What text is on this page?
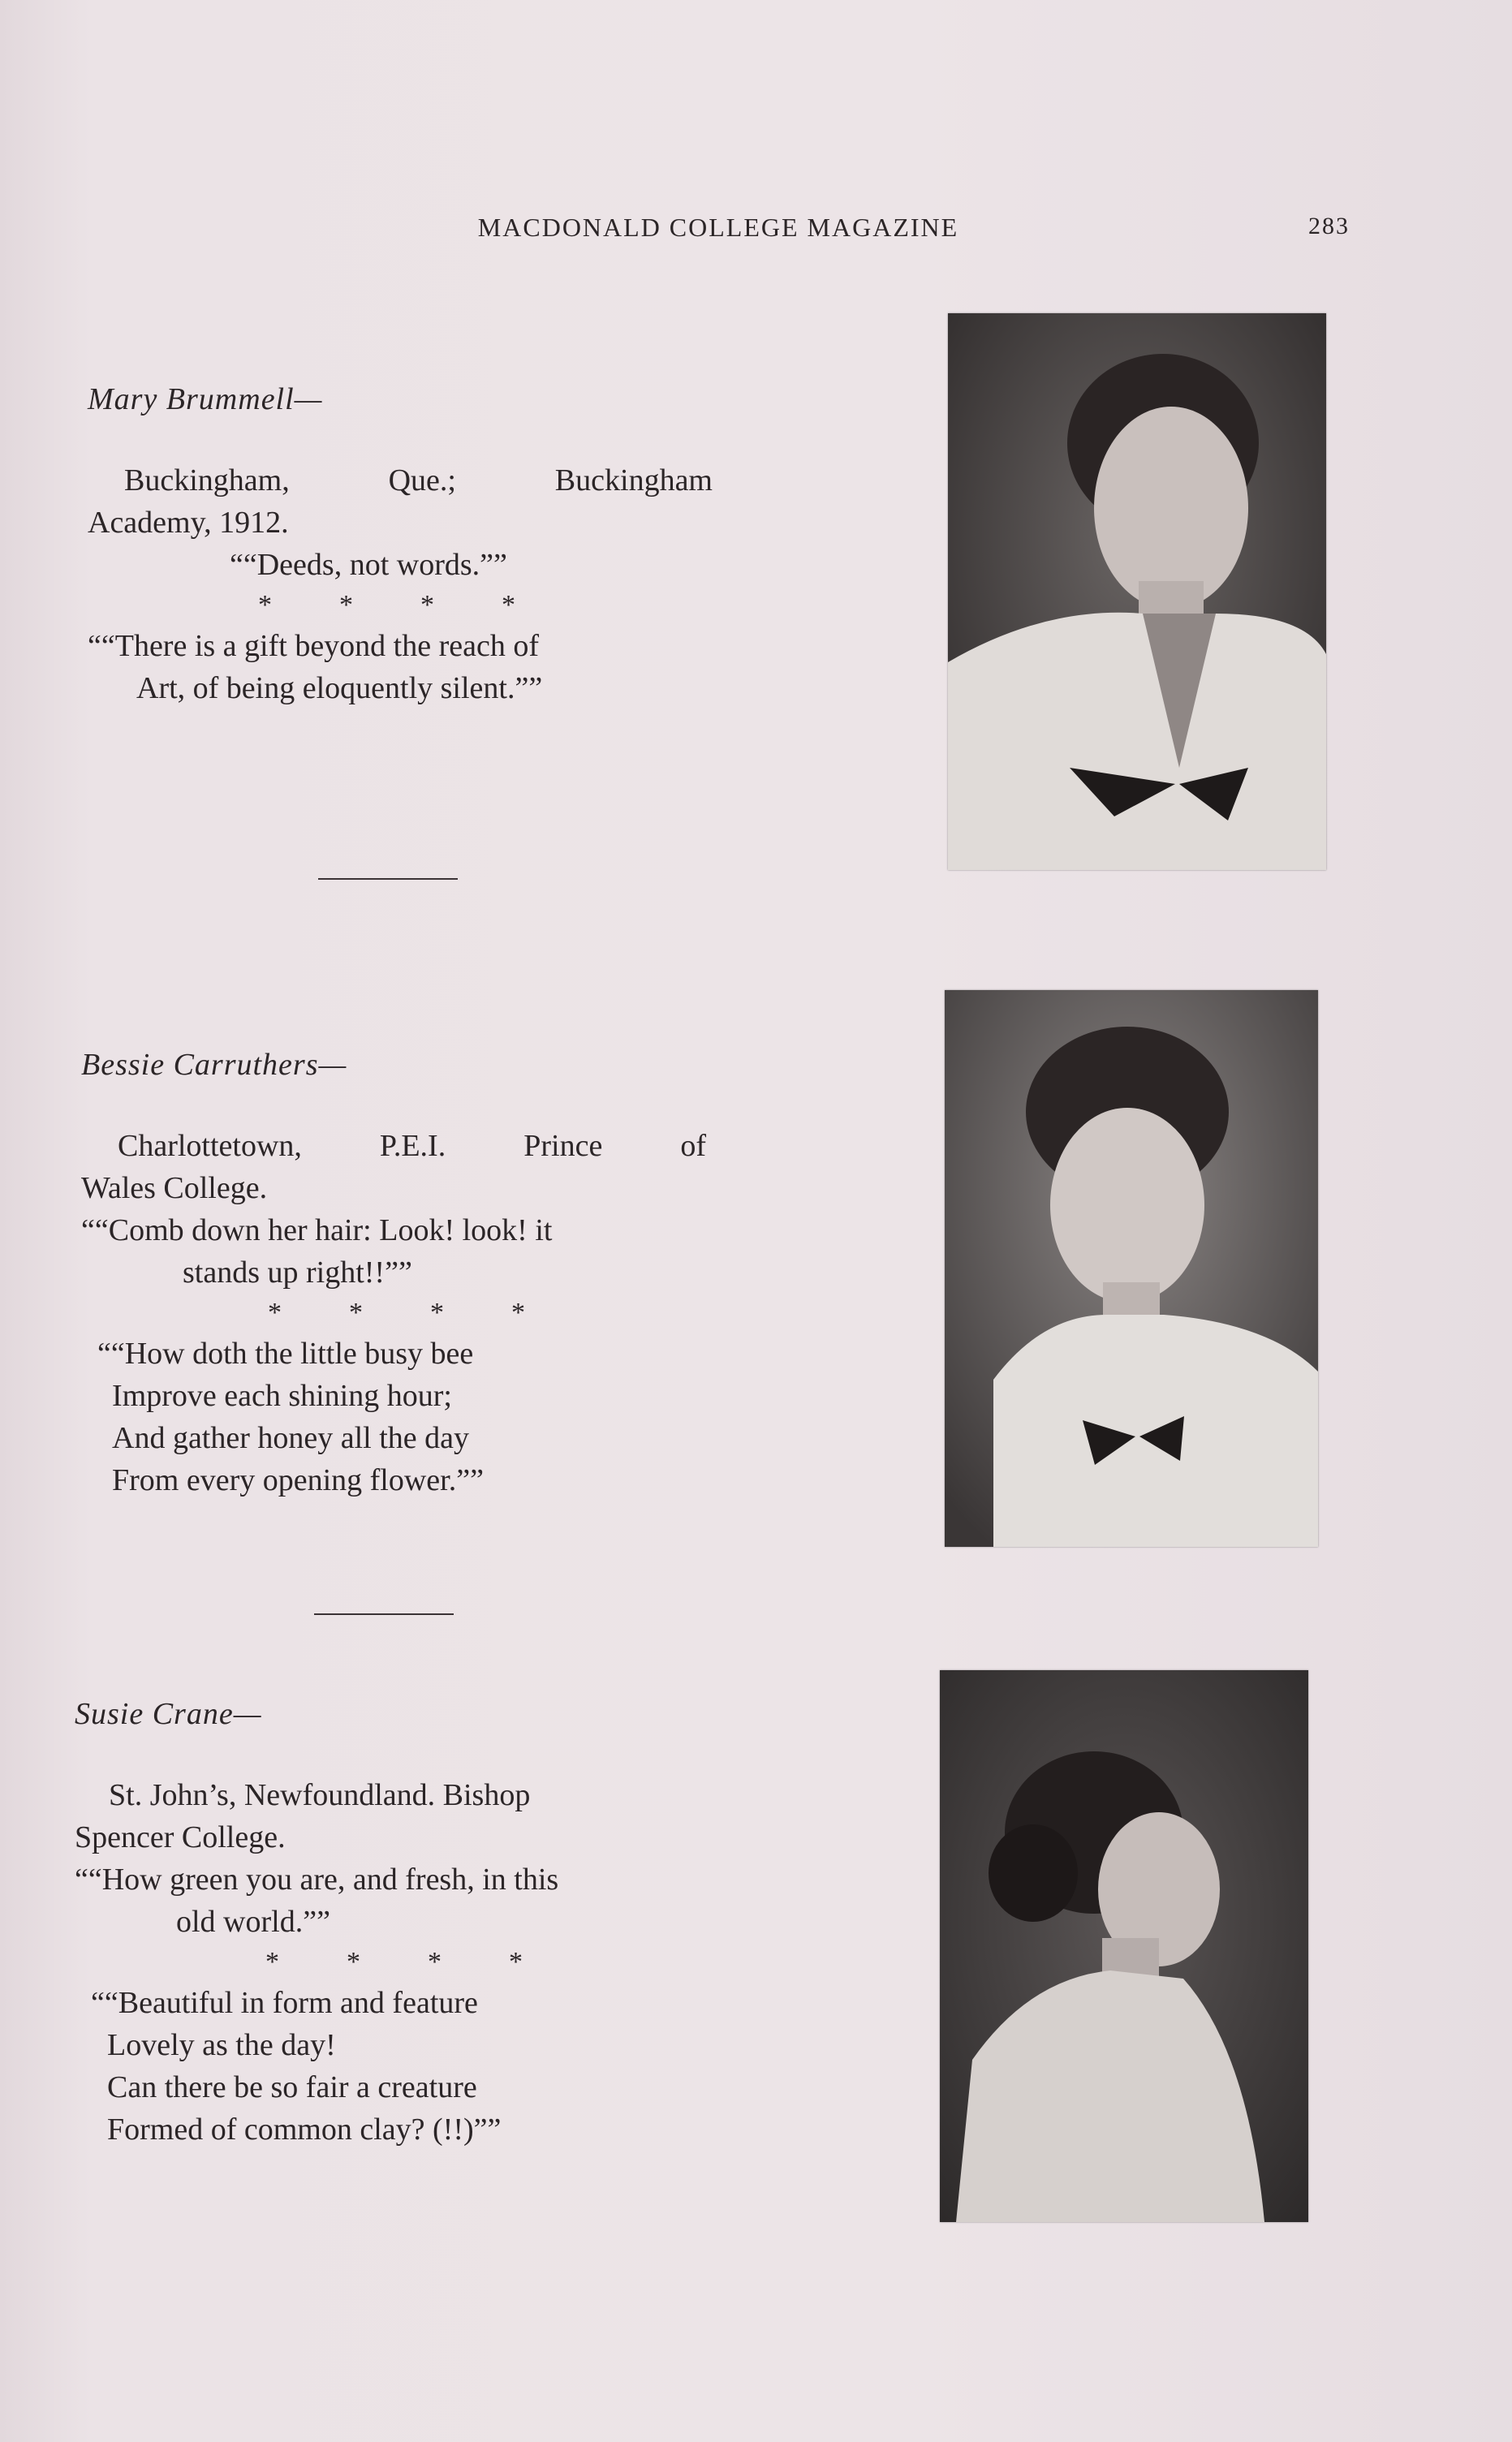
MACDONALD COLLEGE MAGAZINE	283
Mary Brummell—
Buckingham,	Que.;	Buckingham
Academy, 1912.
““Deeds, not words.””
* * * *
““There is a gift beyond the reach of
Art, of being eloquently silent.””
Bessie Carruthers—
Charlottetown,	P.E.I.	Prince	of
Wales College.
““Comb down her hair: Look! look! it
stands up right!!””
* * * *
““How doth the little busy bee
Improve each shining hour;
And gather honey all the day
From every opening flower.””
Susie Crane—
St. John’s, Newfoundland. Bishop
Spencer College.
““How green you are, and fresh, in this
old world.””
* * * *
““Beautiful in form and feature
Lovely as the day!
Can there be so fair a creature
Formed of common clay? (!!)””
